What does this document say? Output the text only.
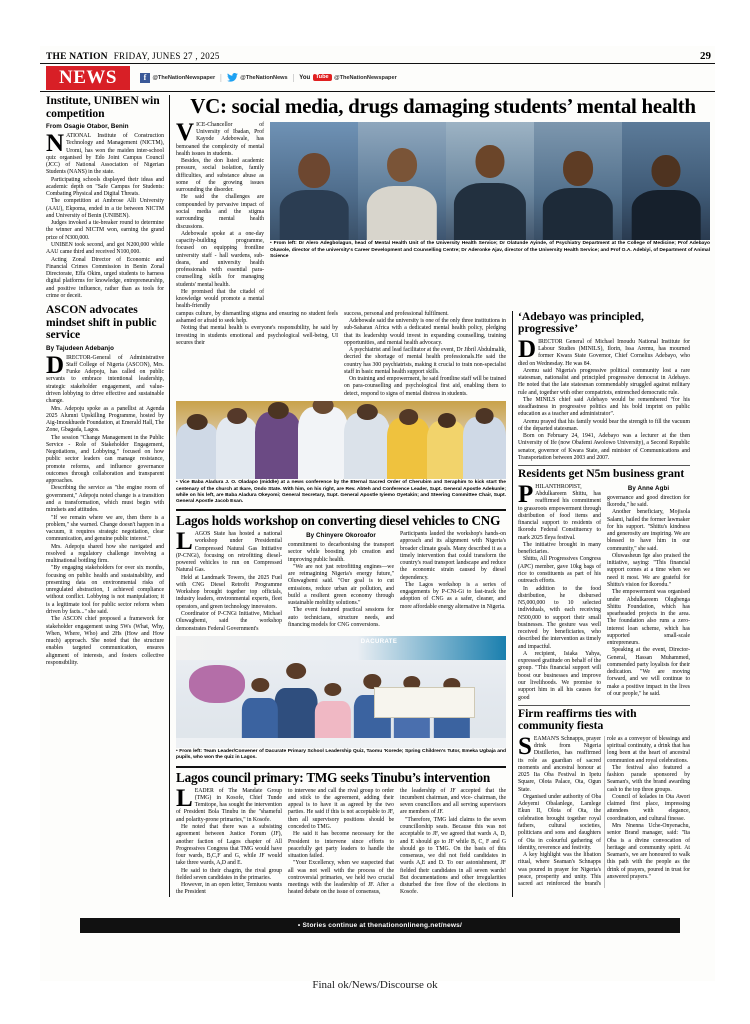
THE NATION FRIDAY, JUNES 27 , 2025	29
NEWS	f	@TheNationNewspaper |	@TheNationNews | You Tube @TheNationNewspaper
Institute, UNIBEN win competition
From Osagie Otabor, Benin

NATIONAL Institute of Construction Technology and Management (NICTM), Uromi, has won the maiden inter-school quiz organised by Edo Joint Campus Council (JCC) of National Association of Nigerian Students (NANS) in the state.

Participating schools displayed their ideas and academic depth on "Safe Campus for Students: Combating Physical and Digital Threats.

The competition at Ambrose Alli University (AAU), Ekpoma, ended in a tie between NICTM and University of Benin (UNIBEN).

Judges invoked a tie-breaker round to determine the winner and NICTM won, earning the grand prize of N300,000.

UNIBEN took second, and got N200,000 while AAU came third and received N100,000.

Acting Zonal Director of Economic and Financial Crimes Commission in Benin Zonal Directorate, Effa Okim, urged students to harness digital platforms for knowledge, entrepreneurship, and positive influence, rather than as tools for crime or deceit.

ASCON advocates mindset shift in public service
By Tajudeen Adebanjo

DIRECTOR-General of Administrative Staff College of Nigeria (ASCON), Mrs. Funke Adepoju, has called on public servants to embrace intentional leadership, strategic stakeholder engagement, and value-driven lobbying to drive effective and sustainable change.

Mrs. Adepoju spoke as a panellist at Agenda 2025 Alumni Upskilling Programme, hosted by Aig-Imoukhuede Foundation, at Emerald Hall, The Zone, Gbagada, Lagos.

The session "Change Management in the Public Service - Role of Stakeholder Engagement, Negotiations, and Lobbying," focused on how public sector leaders can manage resistance, promote reforms, and influence governance outcomes through collaboration and transparent approaches.

Describing the service as "the engine room of government," Adepoju noted change is a transition and a transformation, which must begin with mindsets and attitudes.

"If we remain where we are, then there is a problem," she warned. Change doesn't happen in a vacuum, it requires strategic negotiation, clear communication, and genuine public interest."

Mrs. Adepoju shared how she navigated and resolved a regulatory challenge involving a multinational bottling firm.

"By engaging stakeholders for over six months, focusing on public health and sustainability, and presenting data on environmental risks of unregulated abstraction, I achieved compliance without conflict. Lobbying is not manipulation; it is a legitimate tool for public sector reform when driven by facts..." she said.

The ASCON chief proposed a framework for stakeholder engagement using 5Ws (What, Why, When, Where, Who) and 2Hs (How and How much) approach. She noted that the structure enables targeted communication, ensures alignment of interests, and fosters collective responsibility.

VC: social media, drugs damaging students’ mental health

VICE-Chancellor of University of Ibadan, Prof Kayode Adebowale, has bemoaned the complexity of mental health issues in students.

Besides, the don listed academic pressure, social isolation, family difficulties, and substance abuse as some of the growing issues surrounding the disorder.

He said the challenges are compounded by pervasive impact of social media and the stigma surrounding mental health discussions.

Adebowale spoke at a one-day capacity-building programme, focused on equipping frontline university staff - hall wardens, sub-deans, and university health professionals with essential para-counselling skills for managing students' mental health.

He promised that the citadel of knowledge would promote a mental health-friendly

• From left: Dr Alero Adegbolagun, head of Mental Health Unit of the University Health Service; Dr Olatunde Ayinde, of Psychiatry Department at the College of Medicine; Prof Adebayo Oluwole, director of the university's Career Development and Counselling Centre; Dr Aderonke Ajav, director of the University Health Service; and Prof O.A. Adebiyi, of Department of Animal Science

campus culture, by dismantling stigma and ensuring no student feels ashamed or afraid to seek help.

Noting that mental health is everyone's responsibility, he said by investing in students emotional and psychological well-being, UI secures their

success, personal and professional fulfilment.

Adebowale said the university is one of the only three institutions in sub-Saharan Africa with a dedicated mental health policy, pledging that its leadership would invest in expanding counselling, training opportunities, and mental health advocacy.

A psychiatrist and lead facilitator at the event, Dr Jibril Abdulmalik, decried the shortage of mental health professionals.He said the country has 300 psychiatrists, making it crucial to train non-specialist staff in basic mental health support skills.

On training and empowerment, he said frontline staff will be trained on para-counselling and psychological first aid, enabling them to detect, respond to signs of mental distress in students.

• Vice Baba Aladura J. O. Oladapo (middle) at a news conference by the Eternal Sacred Order of Cherubim and Seraphim to kick start the centenary of the church at Ikare, Ondo State. With him, on his right, are Rev. Abteh and Conference Leader, Supt. General Apostle Adekunle; while on his left, are Baba Aladura Okeyomi; General Secretary, Supt. General Apostle Iyiemo Oyetakin; and Steering Committee Chair, Supt. General Apostle Jacob Esan.
Lagos holds workshop on converting diesel vehicles to CNG

LAGOS State has hosted a national workshop under Presidential Compressed Natural Gas Initiative (P-CNGi), focusing on retrofitting diesel-powered vehicles to run on Compressed Natural Gas.

Held at Landmark Towers, the 2025 Fuel with CNG Diesel Retrofit Programme Workshop brought together top officials, industry leaders, environmental experts, fleet operators, and green technology innovators.

Coordinator of P-CNGi Initiative, Michael Oluwagbemi, said the workshop demonstrates Federal Government's

By Chinyere Okoroafor

commitment to decarbonising the transport sector while boosting job creation and improving public health.

"We are not just retrofitting engines—we are reimagining Nigeria's energy future," Oluwagbemi said. "Our goal is to cut emissions, reduce urban air pollution, and build a resilient green economy through sustainable mobility solutions."

The event featured practical sessions for auto technicians, structure needs, and financing models for CNG conversions.

Participants lauded the workshop's hands-on approach and its alignment with Nigeria's broader climate goals. Many described it as a timely intervention that could transform the country's road transport landscape and reduce the economic strain caused by diesel dependency.

The Lagos workshop is a series of engagements by P-CNi-Gi to fast-track the adoption of CNG as a safer, cleaner, and more affordable energy alternative in Nigeria.

DACURATE
• From left: Team Leader/Convener of Dacurate Primary School Leadership Quiz, Taomu 'Korede; Spring Children's Tutor, Emeka Ugbaja and pupils, who won the quiz in Lagos.
Lagos council primary: TMG seeks Tinubu’s intervention

LEADER of The Mandate Group (TMG) in Kosofe, Chief Tunde Temitope, has sought the intervention of President Bola Tinubu in the "shameful and polarity-prone primaries," in Kosofe.

He noted that there was a subsisting agreement between Justice Forum (JF), another faction of Lagos chapter of All Progressives Congress that TMG would have four wards, B,C,F and G, while JF would take three wards, A,D and E.

He said to their chagrin, the rival group fielded seven candidates in the primaries.

However, in an open letter, Temiuou wants the President

to intervene and call the rival group to order and stick to the agreement, adding their appeal is to have it as agreed by the two parties. He said if this is not acceptable to JF, then all supervisory positions should be conceded to TMG.

He said it has become necessary for the President to intervene since efforts to peacefully get party leaders to handle the situation failed.

"Your Excellency, when we suspected that all was not well with the process of the controversial primaries, we held two crucial meetings with the leadership of JF. After a heated debate on the issue of consensus,

the leadership of JF accepted that the incumbent chairman, and vice- chairman, the seven councillors and all serving supervisors are members of JF.

"Therefore, TMG laid claims to the seven councillorship seats. Because this was not acceptable to JF, we agreed that wards A, D, and E should go to JF while B, C, F and G should go to TMG. On the basis of this consensus, we did not field candidates in wards A,E and D. To our astonishment, JF fielded their candidates in all seven wards! But documentations and other irregularities disturbed the free flow of the elections in Kosofe.

‘Adebayo was principled, progressive’

DIRECTOR General of Michael Imoudu National Institute for Labour Studies (MINILS), Ilorin, Issa Aremu, has mourned former Kwara State Governor, Chief Cornelius Adebayo, who died on Wednesday. He was 84.

Aremu said Nigeria's progressive political community lost a rare statesman, nationalist and principled progressive democrat in Adebayo. He noted that the late statesman commendably struggled against military rule and, together with other compatriots, entrenched democratic rule.

The MINILS chief said Adebayo would be remembered "for his steadfastness in progressive politics and his bold imprint on public education as a teacher and administrator".

Aremu prayed that his family would bear the strength to fill the vacuum of the departed statesman.

Born on February 24, 1941, Adebayo was a lecturer at the then University of Ife (now Obafemi Awolowo University), a Second Republic senator, governor of Kwara State, and minister of Communications and Transportation between 2003 and 2007.

Residents get N5m business grant

PHILANTHROPIST, Abdulkareem Shittu, has reaffirmed his commitment to grassroots empowerment through distribution of food items and financial support to residents of Ikorodu Federal Constituency to mark 2025 Ileya festival.

The initiative brought in many beneficiaries.

Shittu, All Progressives Congress (APC) member, gave 10kg bags of rice to constituents as part of his outreach efforts.

In addition to the food distribution, he disbursed N5,000,000 to 10 selected individuals, with each receiving N500,000 to support their small businesses. The gesture was well received by beneficiaries, who described the intervention as timely and impactful.

A recipient, Isiaka Yahya, expressed gratitude on behalf of the group. "This financial support will boost our businesses and improve our livelihoods. We promise to support him in all his causes for good

By Anne Agbi

governance and good direction for Ikorodu," he said.

Another beneficiary, Mojisola Salami, hailed the former lawmaker for his support. "Shittu's kindness and generosity are inspiring. We are blessed to have him in our community," she said.

Oluwasheun Ige also praised the initiative, saying: "This financial support comes at a time when we need it most. We are grateful for Shittu's vision for Ikorodu."

The empowerment was organised under Abdulkareem Olugbenga Shittu Foundation, which has spearheaded projects in the area. The foundation also runs a zero-interest loan scheme, which has supported small-scale entrepreneurs.

Speaking at the event, Director-General, Hassan Muhammed, commended party loyalists for their dedication. "We are moving forward, and we will continue to make a positive impact in the lives of our people," he said.

Firm reaffirms ties with community fiesta

SEAMAN'S Schnapps, prayer drink from Nigeria Distilleries, has reaffirmed its role as guardian of sacred moments and ancestral honour at 2025 Ita Oba Festival in Ipetu Square, Olota Palace, Ota, Ogun State.

Organised under authority of Oba Adeyemi Obalanlege, Lamlege Ekun II, Olota of Ota, the celebration brought together royal fathers, cultural societies, politicians and sons and daughters of Ota in colourful gathering of identity, reverence and festivity.

A key highlight was the libation ritual, where Seaman's Schnapps was poured in prayer for Nigeria's peace, prosperity and unity. This sacred act reinforced the brand's role as a conveyor of blessings and spiritual continuity, a drink that has long been at the heart of ancestral communion and royal celebrations.

The festival also featured a fashion parade sponsored by Seaman's, with the brand awarding cash to the top three groups.

Council of kolades in Ota Awori claimed first place, impressing attendees with elegance, coordination, and cultural finesse.

Mrs Nnenna Uche-Onyenachu, senior Brand manager, said: "Ita Oba is a divine convocation of heritage and community spirit. At Seaman's, we are honoured to walk this path with the people as the drink of prayers, poured in trust for answered prayers."

• Stories continue at thenationonlineng.net/news/
Final ok/News/Discourse ok
